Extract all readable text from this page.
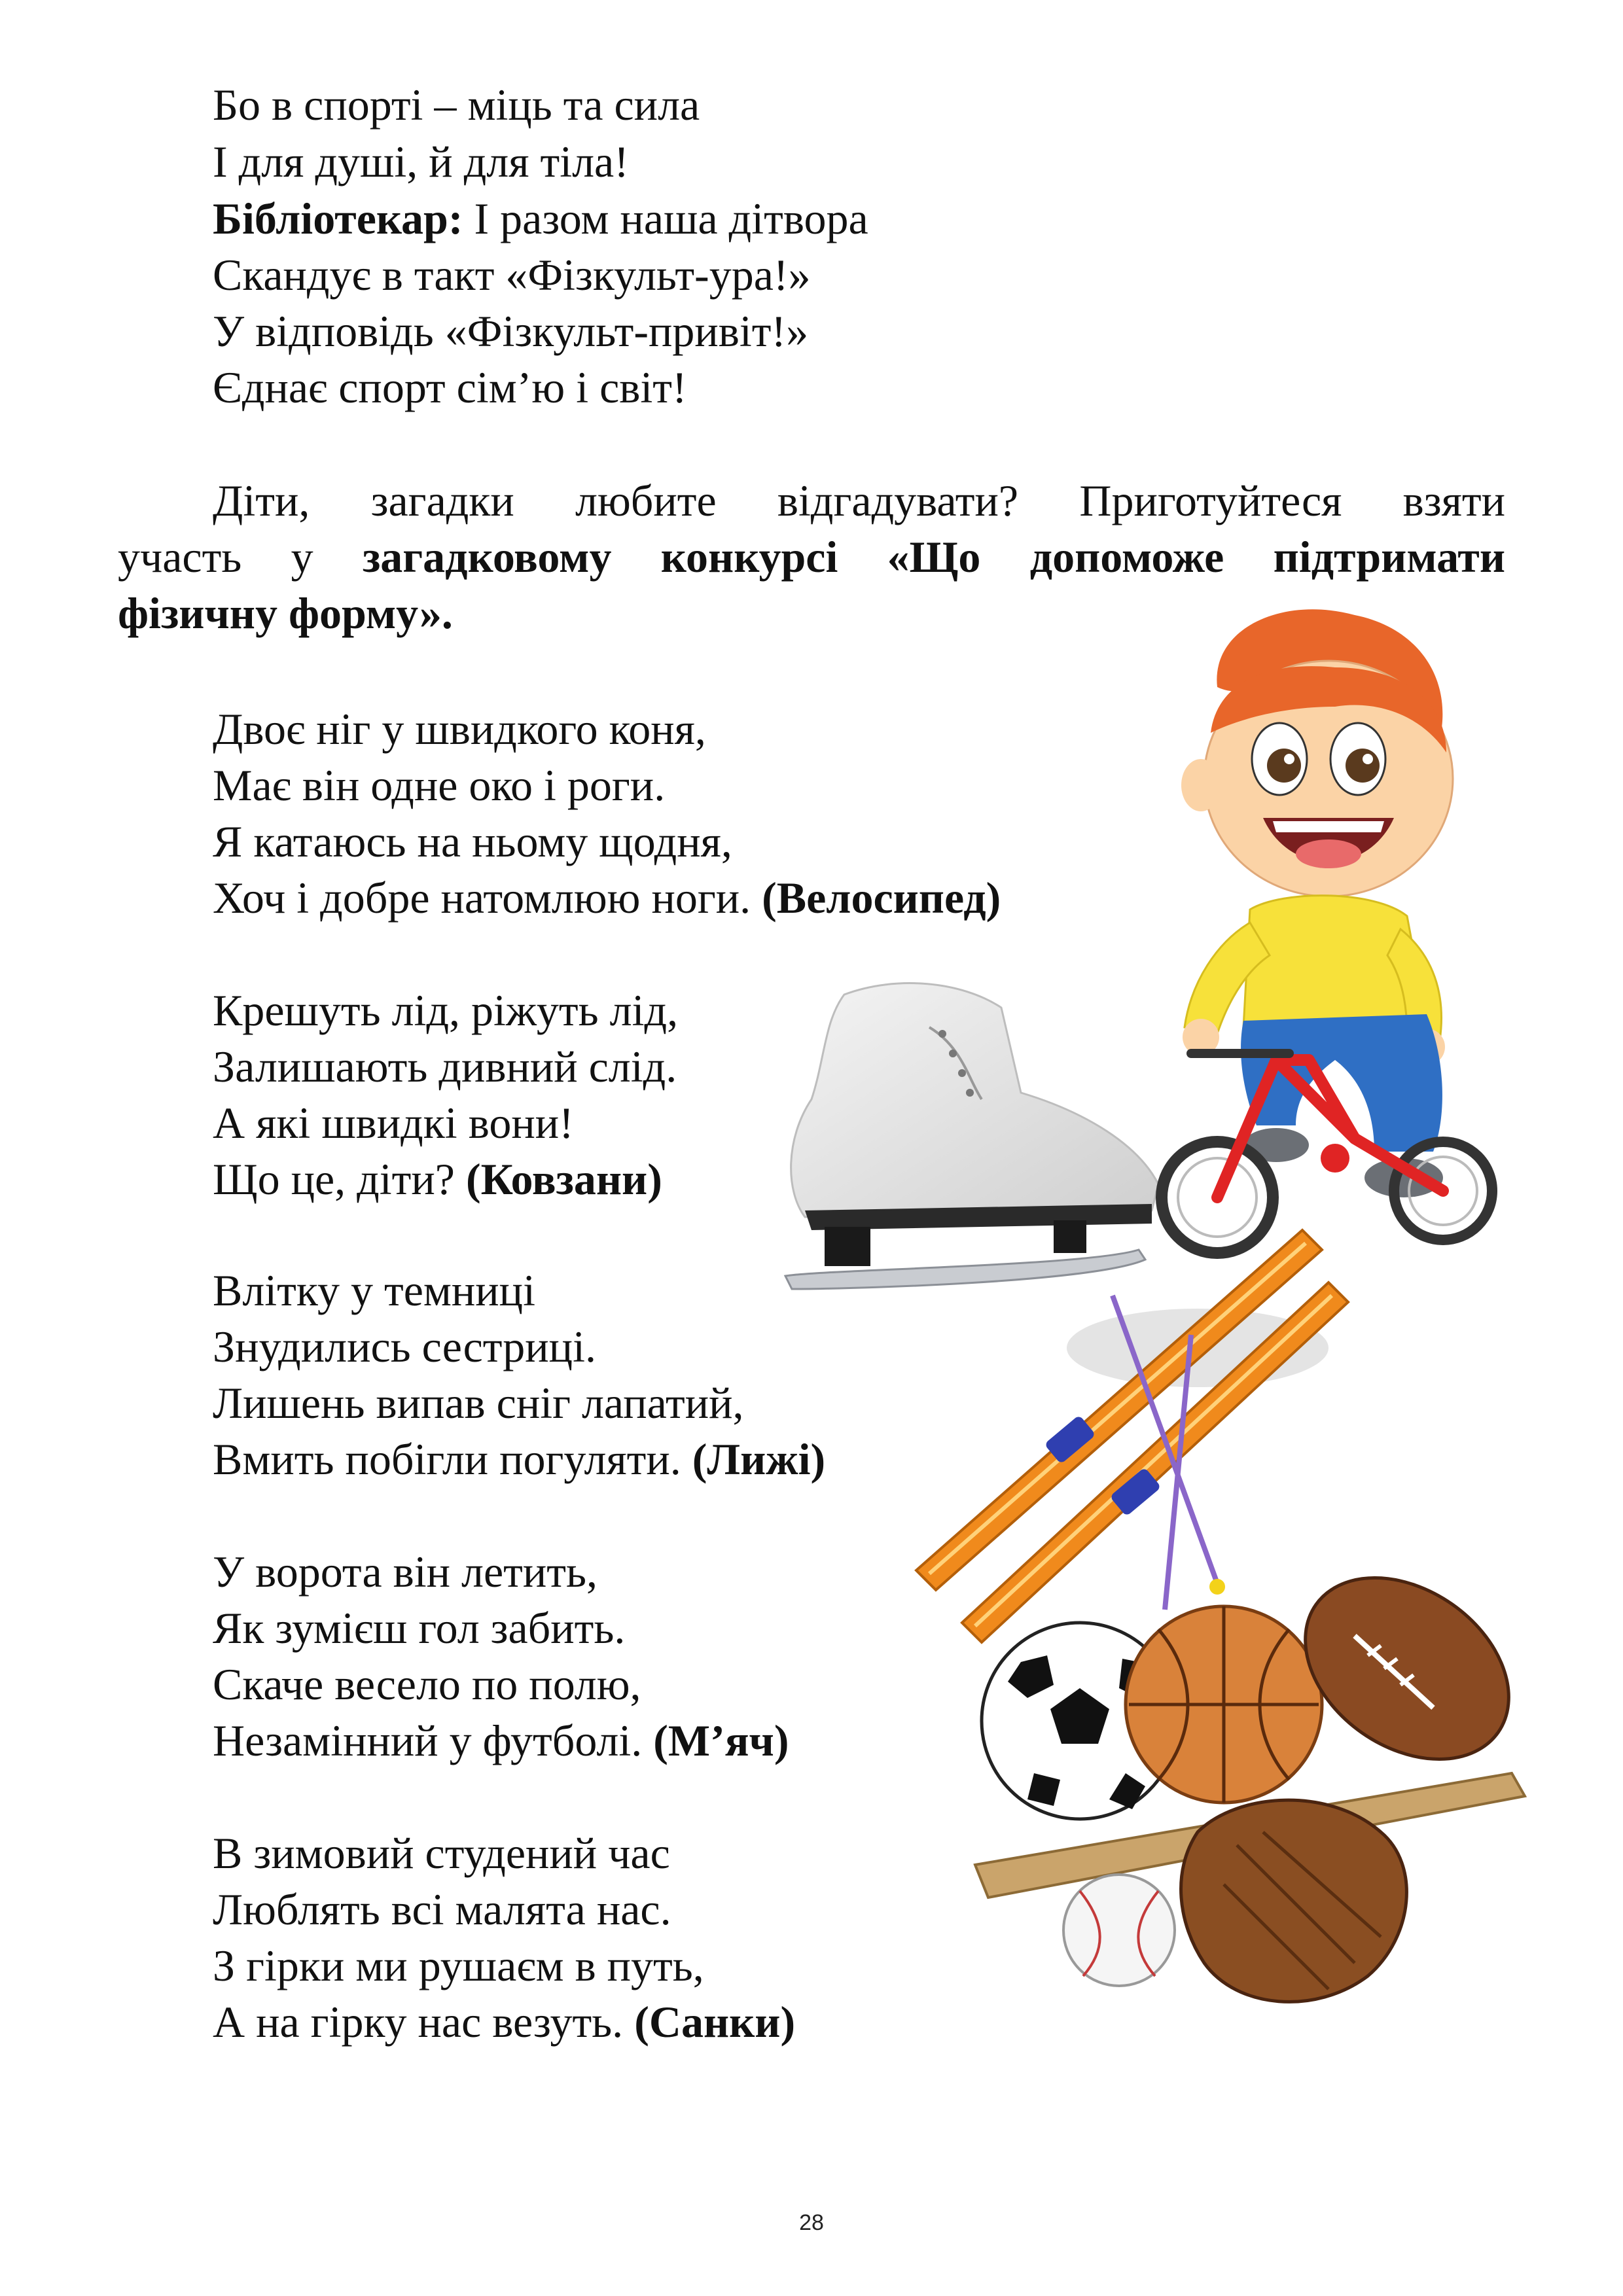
Бо в спорті – міць та сила
І для душі, й для тіла!
Бібліотекар: І разом наша дітвора
Скандує в такт «Фізкульт-ура!»
У відповідь «Фізкульт-привіт!»
Єднає спорт сім’ю і світ!

Діти, загадки любите відгадувати? Приготуйтеся взяти

участь у загадковому конкурсі «Що допоможе підтримати

фізичну форму».

Двоє ніг у швидкого коня,
Має він одне око і роги.
Я катаюсь на ньому щодня,
Хоч і добре натомлюю ноги. (Велосипед)
Крешуть лід, ріжуть лід,
Залишають дивний слід.
А які швидкі вони!
Що це, діти? (Ковзани)
Влітку у темниці
Знудились сестриці.
Лишень випав сніг лапатий,
Вмить побігли погуляти. (Лижі)
У ворота він летить,
Як зумієш гол забить.
Скаче весело по полю,
Незамінний у футболі. (М’яч)
В зимовий студений час
Люблять всі малята нас.
З гірки ми рушаєм в путь,
А на гірку нас везуть. (Санки)
28
